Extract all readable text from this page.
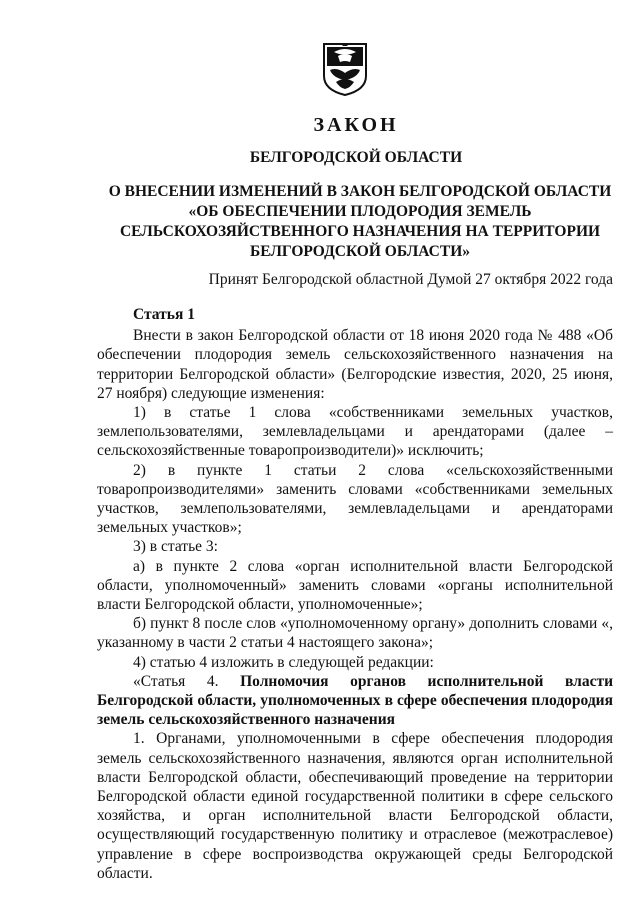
ЗАКОН
БЕЛГОРОДСКОЙ ОБЛАСТИ
О ВНЕСЕНИИ ИЗМЕНЕНИЙ В ЗАКОН БЕЛГОРОДСКОЙ ОБЛАСТИ
«ОБ ОБЕСПЕЧЕНИИ ПЛОДОРОДИЯ ЗЕМЕЛЬ
СЕЛЬСКОХОЗЯЙСТВЕННОГО НАЗНАЧЕНИЯ НА ТЕРРИТОРИИ
БЕЛГОРОДСКОЙ ОБЛАСТИ»
Принят Белгородской областной Думой 27 октября 2022 года

Статья 1

Внести в закон Белгородской области от 18 июня 2020 года № 488 «Об обеспечении плодородия земель сельскохозяйственного назначения на территории Белгородской области» (Белгородские известия, 2020, 25 июня, 27 ноября) следующие изменения:

1) в статье 1 слова «собственниками земельных участков, землепользователями, землевладельцами и арендаторами (далее – сельскохозяйственные товаропроизводители)» исключить;

2) в пункте 1 статьи 2 слова «сельскохозяйственными товаропроизводителями» заменить словами «собственниками земельных участков, землепользователями, землевладельцами и арендаторами земельных участков»;

3) в статье 3:

а) в пункте 2 слова «орган исполнительной власти Белгородской области, уполномоченный» заменить словами «органы исполнительной власти Белгородской области, уполномоченные»;

б) пункт 8 после слов «уполномоченному органу» дополнить словами «, указанному в части 2 статьи 4 настоящего закона»;

4) статью 4 изложить в следующей редакции:

«Статья 4. Полномочия органов исполнительной власти

Белгородской области, уполномоченных в сфере обеспечения плодородия земель сельскохозяйственного назначения

1. Органами, уполномоченными в сфере обеспечения плодородия земель сельскохозяйственного назначения, являются орган исполнительной власти Белгородской области, обеспечивающий проведение на территории Белгородской области единой государственной политики в сфере сельского хозяйства, и орган исполнительной власти Белгородской области, осуществляющий государственную политику и отраслевое (межотраслевое) управление в сфере воспроизводства окружающей среды Белгородской области.
